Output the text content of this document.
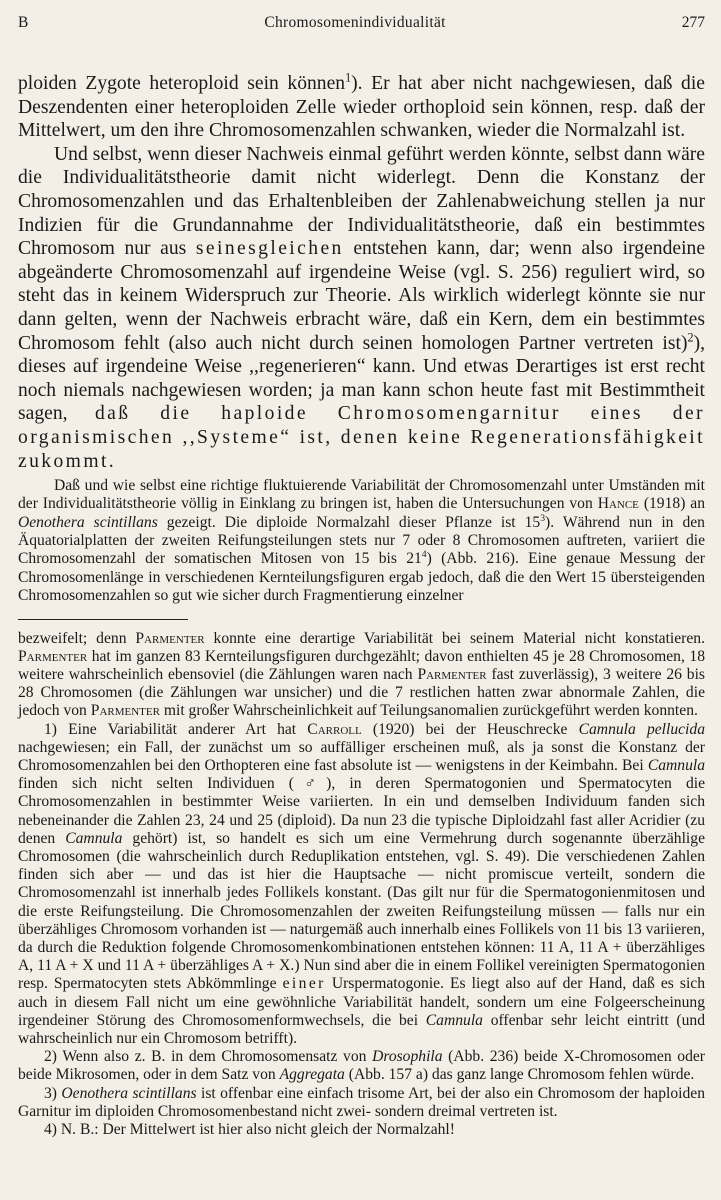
B	Chromosomenindividualität	277

ploiden Zygote heteroploid sein können$^1$). Er hat aber nicht nachgewiesen, daß die Deszendenten einer heteroploiden Zelle wieder orthoploid sein können, resp. daß der Mittelwert, um den ihre Chromosomenzahlen schwanken, wieder die Normalzahl ist.

Und selbst, wenn dieser Nachweis einmal geführt werden könnte, selbst dann wäre die Individualitätstheorie damit nicht widerlegt. Denn die Konstanz der Chromosomenzahlen und das Erhaltenbleiben der Zahlenabweichung stellen ja nur Indizien für die Grundannahme der Individualitätstheorie, daß ein bestimmtes Chromosom nur aus seinesgleichen entstehen kann, dar; wenn also irgendeine abgeänderte Chromosomenzahl auf irgendeine Weise (vgl. S. 256) reguliert wird, so steht das in keinem Widerspruch zur Theorie. Als wirklich widerlegt könnte sie nur dann gelten, wenn der Nachweis erbracht wäre, daß ein Kern, dem ein bestimmtes Chromosom fehlt (also auch nicht durch seinen homologen Partner vertreten ist)$^2$), dieses auf irgendeine Weise ,,regenerieren“ kann. Und etwas Derartiges ist erst recht noch niemals nachgewiesen worden; ja man kann schon heute fast mit Bestimmtheit sagen, daß die haploide Chromosomengarnitur eines der organismischen ,,Systeme“ ist, denen keine Regenerationsfähigkeit zukommt.

Daß und wie selbst eine richtige fluktuierende Variabilität der Chromosomenzahl unter Umständen mit der Individualitätstheorie völlig in Einklang zu bringen ist, haben die Untersuchungen von Hance (1918) an Oenothera scintillans gezeigt. Die diploide Normalzahl dieser Pflanze ist $15^3$). Während nun in den Äquatorialplatten der zweiten Reifungsteilungen stets nur 7 oder 8 Chromosomen auftreten, variiert die Chromosomenzahl der somatischen Mitosen von 15 bis $21^4$) (Abb. 216). Eine genaue Messung der Chromosomenlänge in verschiedenen Kernteilungsfiguren ergab jedoch, daß die den Wert 15 übersteigenden Chromosomenzahlen so gut wie sicher durch Fragmentierung einzelner

bezweifelt; denn Parmenter konnte eine derartige Variabilität bei seinem Material nicht konstatieren. Parmenter hat im ganzen 83 Kernteilungsfiguren durchgezählt; davon enthielten 45 je 28 Chromosomen, 18 weitere wahrscheinlich ebensoviel (die Zählungen waren nach Parmenter fast zuverlässig), 3 weitere 26 bis 28 Chromosomen (die Zählungen war unsicher) und die 7 restlichen hatten zwar abnormale Zahlen, die jedoch von Parmenter mit großer Wahrscheinlichkeit auf Teilungsanomalien zurückgeführt werden konnten.

1) Eine Variabilität anderer Art hat Carroll (1920) bei der Heuschrecke Camnula pellucida nachgewiesen; ein Fall, der zunächst um so auffälliger erscheinen muß, als ja sonst die Konstanz der Chromosomenzahlen bei den Orthopteren eine fast absolute ist — wenigstens in der Keimbahn. Bei Camnula finden sich nicht selten Individuen (♂), in deren Spermatogonien und Spermatocyten die Chromosomenzahlen in bestimmter Weise variierten. In ein und demselben Individuum fanden sich nebeneinander die Zahlen 23, 24 und 25 (diploid). Da nun 23 die typische Diploidzahl fast aller Acridier (zu denen Camnula gehört) ist, so handelt es sich um eine Vermehrung durch sogenannte überzählige Chromosomen (die wahrscheinlich durch Reduplikation entstehen, vgl. S. 49). Die verschiedenen Zahlen finden sich aber — und das ist hier die Hauptsache — nicht promiscue verteilt, sondern die Chromosomenzahl ist innerhalb jedes Follikels konstant. (Das gilt nur für die Spermatogonienmitosen und die erste Reifungsteilung. Die Chromosomenzahlen der zweiten Reifungsteilung müssen — falls nur ein überzähliges Chromosom vorhanden ist — naturgemäß auch innerhalb eines Follikels von 11 bis 13 variieren, da durch die Reduktion folgende Chromosomenkombinationen entstehen können: 11 A, 11 A + überzähliges A, 11 A + X und 11 A + überzähliges A + X.) Nun sind aber die in einem Follikel vereinigten Spermatogonien resp. Spermatocyten stets Abkömmlinge einer Urspermatogonie. Es liegt also auf der Hand, daß es sich auch in diesem Fall nicht um eine gewöhnliche Variabilität handelt, sondern um eine Folgeerscheinung irgendeiner Störung des Chromosomenformwechsels, die bei Camnula offenbar sehr leicht eintritt (und wahrscheinlich nur ein Chromosom betrifft).

2) Wenn also z. B. in dem Chromosomensatz von Drosophila (Abb. 236) beide X-Chromosomen oder beide Mikrosomen, oder in dem Satz von Aggregata (Abb. 157 a) das ganz lange Chromosom fehlen würde.

3) Oenothera scintillans ist offenbar eine einfach trisome Art, bei der also ein Chromosom der haploiden Garnitur im diploiden Chromosomenbestand nicht zwei- sondern dreimal vertreten ist.

4) N. B.: Der Mittelwert ist hier also nicht gleich der Normalzahl!
